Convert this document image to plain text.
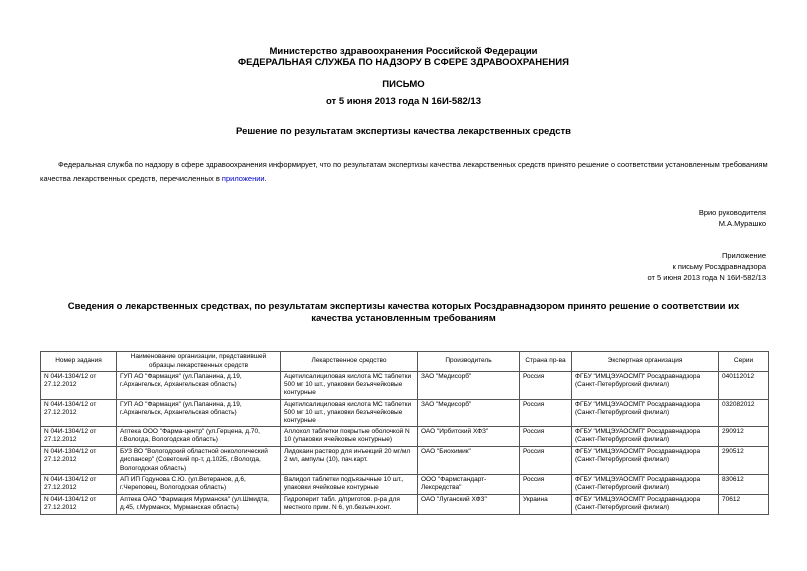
Министерство здравоохранения Российской Федерации
ФЕДЕРАЛЬНАЯ СЛУЖБА ПО НАДЗОРУ В СФЕРЕ ЗДРАВООХРАНЕНИЯ
ПИСЬМО
от 5 июня 2013 года N 16И-582/13
Решение по результатам экспертизы качества лекарственных средств
Федеральная служба по надзору в сфере здравоохранения информирует, что по результатам экспертизы качества лекарственных средств принято решение о соответствии установленным требованиям качества лекарственных средств, перечисленных в приложении.
Врио руководителя
М.А.Мурашко
Приложение
к письму Росздравнадзора
от 5 июня 2013 года N 16И-582/13
Сведения о лекарственных средствах, по результатам экспертизы качества которых Росздравнадзором принято решение о соответствии их качества установленным требованиям
Номер задания	Наименование организации, представившей образцы лекарственных средств	Лекарственное средство	Производитель	Страна пр-ва	Экспертная организация	Серии
N 04И-1304/12 от 27.12.2012	ГУП АО "Фармация" (ул.Папанина, д.19, г.Архангельск, Архангельская область)	Ацетилсалициловая кислота МС таблетки 500 мг 10 шт., упаковки безъячейковые контурные	ЗАО "Медисорб"	Россия	ФГБУ "ИМЦЭУАОСМП" Росздравнадзора (Санкт-Петербургский филиал)	040112012
N 04И-1304/12 от 27.12.2012	ГУП АО "Фармация" (ул.Папанина, д.19, г.Архангельск, Архангельская область)	Ацетилсалициловая кислота МС таблетки 500 мг 10 шт., упаковки безъячейковые контурные	ЗАО "Медисорб"	Россия	ФГБУ "ИМЦЭУАОСМП" Росздравнадзора (Санкт-Петербургский филиал)	032082012
N 04И-1304/12 от 27.12.2012	Аптека ООО "Фарма-центр" (ул.Герцена, д.70, г.Вологда, Вологодская область)	Аллохол таблетки покрытые оболочкой N 10 (упаковки ячейковые контурные)	ОАО "Ирбитский ХФЗ"	Россия	ФГБУ "ИМЦЭУАОСМП" Росздравнадзора (Санкт-Петербургский филиал)	290912
N 04И-1304/12 от 27.12.2012	БУЗ ВО "Вологодский областной онкологический диспансер" (Советский пр-т, д.102Б, г.Вологда, Вологодская область)	Лидокаин раствор для инъекций 20 мг/мл 2 мл, ампулы (10), пач.карт.	ОАО "Биохимик"	Россия	ФГБУ "ИМЦЭУАОСМП" Росздравнадзора (Санкт-Петербургский филиал)	290512
N 04И-1304/12 от 27.12.2012	АП ИП Годунова С.Ю. (ул.Ветеранов, д.6, г.Череповец, Вологодская область)	Валидол таблетки подъязычные 10 шт., упаковки ячейковые контурные	ООО "Фармстандарт-Лексредства"	Россия	ФГБУ "ИМЦЭУАОСМП" Росздравнадзора (Санкт-Петербургский филиал)	830612
N 04И-1304/12 от 27.12.2012	Аптека ОАО "Фармация Мурманска" (ул.Шмидта, д.45, г.Мурманск, Мурманская область)	Гидроперит табл. д/приготов. р-ра для местного прим. N 6, уп.безъяч.конт.	ОАО "Луганский ХФЗ"	Украина	ФГБУ "ИМЦЭУАОСМП" Росздравнадзора (Санкт-Петербургский филиал)	70612
